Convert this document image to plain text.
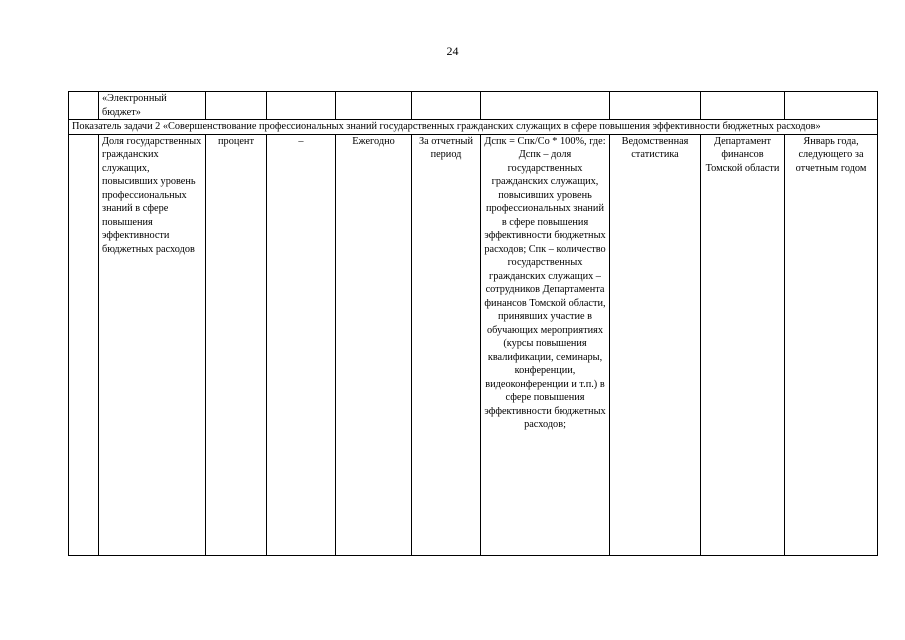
24
	«Электронный бюджет»								
Показатель задачи 2 «Совершенствование профессиональных знаний государственных гражданских служащих в сфере повышения эффективности бюджетных расходов»									
	Доля государственных гражданских служащих, повысивших уровень профессиональных знаний в сфере повышения эффективности бюджетных расходов	процент	–	Ежегодно	За отчетный период	Дспк = Спк/Со * 100%, где: Дспк – доля государственных гражданских служащих, повысивших уровень профессиональных знаний в сфере повышения эффективности бюджетных расходов; Спк – количество государственных гражданских служащих – сотрудников Департамента финансов Томской области, принявших участие в обучающих мероприятиях (курсы повышения квалификации, семинары, конференции, видеоконференции и т.п.) в сфере повышения эффективности бюджетных расходов;	Ведомственная статистика	Департамент финансов Томской области	Январь года, следующего за отчетным годом
